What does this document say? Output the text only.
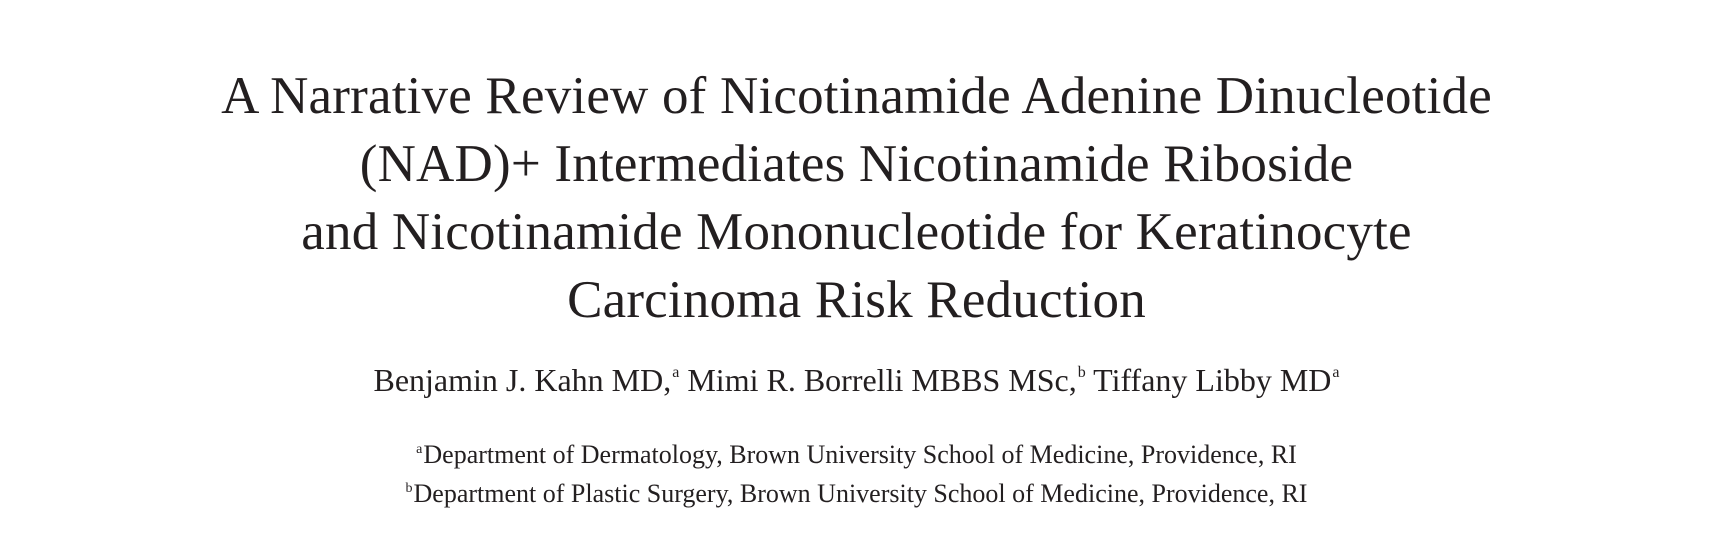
A Narrative Review of Nicotinamide Adenine Dinucleotide
(NAD)+ Intermediates Nicotinamide Riboside
and Nicotinamide Mononucleotide for Keratinocyte
Carcinoma Risk Reduction
Benjamin J. Kahn MD,$^a$ Mimi R. Borrelli MBBS MSc,$^b$ Tiffany Libby $MD^a$
$^a$Department of Dermatology, Brown University School of Medicine, Providence, RI
$^b$Department of Plastic Surgery, Brown University School of Medicine, Providence, RI
